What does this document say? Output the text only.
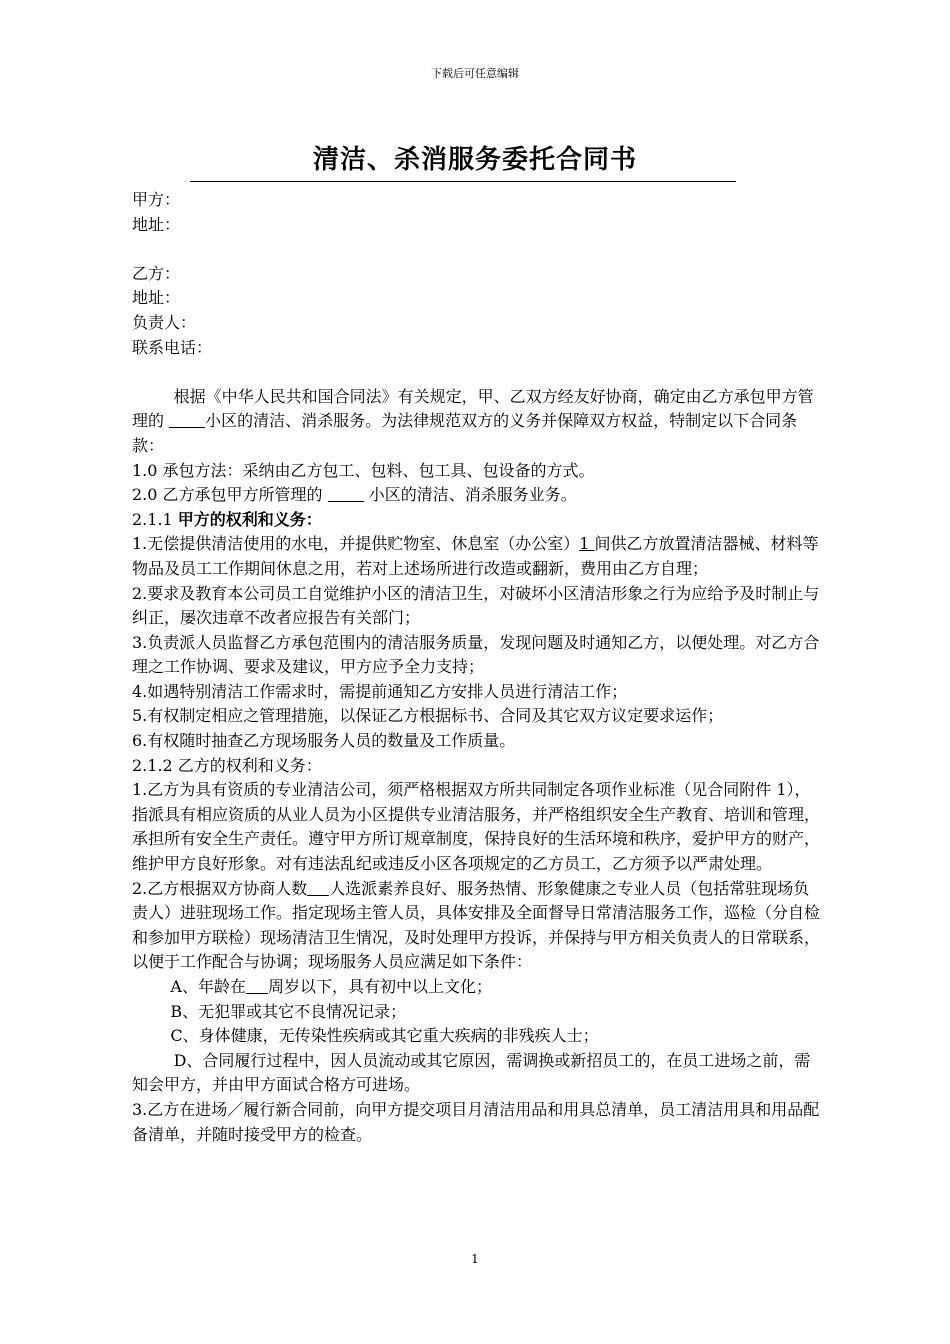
下载后可任意编辑
清洁、杀消服务委托合同书

甲方：

地址：

乙方：

地址：

负责人：

联系电话：

根据《中华人民共和国合同法》有关规定，甲、乙双方经友好协商，确定由乙方承包甲方管理的 小区的清洁、消杀服务。为法律规范双方的义务并保障双方权益，特制定以下合同条款：

1.0 承包方法：采纳由乙方包工、包料、包工具、包设备的方式。

2.0 乙方承包甲方所管理的  小区的清洁、消杀服务业务。

2.1.1 甲方的权利和义务：

1.无偿提供清洁使用的水电，并提供贮物室、休息室（办公室）1 间供乙方放置清洁器械、材料等物品及员工工作期间休息之用，若对上述场所进行改造或翻新，费用由乙方自理；

2.要求及教育本公司员工自觉维护小区的清洁卫生，对破坏小区清洁形象之行为应给予及时制止与纠正，屡次违章不改者应报告有关部门；

3.负责派人员监督乙方承包范围内的清洁服务质量，发现问题及时通知乙方，以便处理。对乙方合理之工作协调、要求及建议，甲方应予全力支持；

4.如遇特别清洁工作需求时，需提前通知乙方安排人员进行清洁工作；

5.有权制定相应之管理措施，以保证乙方根据标书、合同及其它双方议定要求运作；

6.有权随时抽查乙方现场服务人员的数量及工作质量。

2.1.2 乙方的权利和义务：

1.乙方为具有资质的专业清洁公司，须严格根据双方所共同制定各项作业标准（见合同附件 1），指派具有相应资质的从业人员为小区提供专业清洁服务，并严格组织安全生产教育、培训和管理，承担所有安全生产责任。遵守甲方所订规章制度，保持良好的生活环境和秩序，爱护甲方的财产，维护甲方良好形象。对有违法乱纪或违反小区各项规定的乙方员工，乙方须予以严肃处理。

2.乙方根据双方协商人数 人选派素养良好、服务热情、形象健康之专业人员（包括常驻现场负责人）进驻现场工作。指定现场主管人员，具体安排及全面督导日常清洁服务工作，巡检（分自检和参加甲方联检）现场清洁卫生情况，及时处理甲方投诉，并保持与甲方相关负责人的日常联系，以便于工作配合与协调；现场服务人员应满足如下条件：

A、年龄在 周岁以下，具有初中以上文化；

B、无犯罪或其它不良情况记录；

C、身体健康，无传染性疾病或其它重大疾病的非残疾人士；

D、合同履行过程中，因人员流动或其它原因，需调换或新招员工的，在员工进场之前，需知会甲方，并由甲方面试合格方可进场。

3.乙方在进场／履行新合同前，向甲方提交项目月清洁用品和用具总清单，员工清洁用具和用品配备清单，并随时接受甲方的检查。

1
